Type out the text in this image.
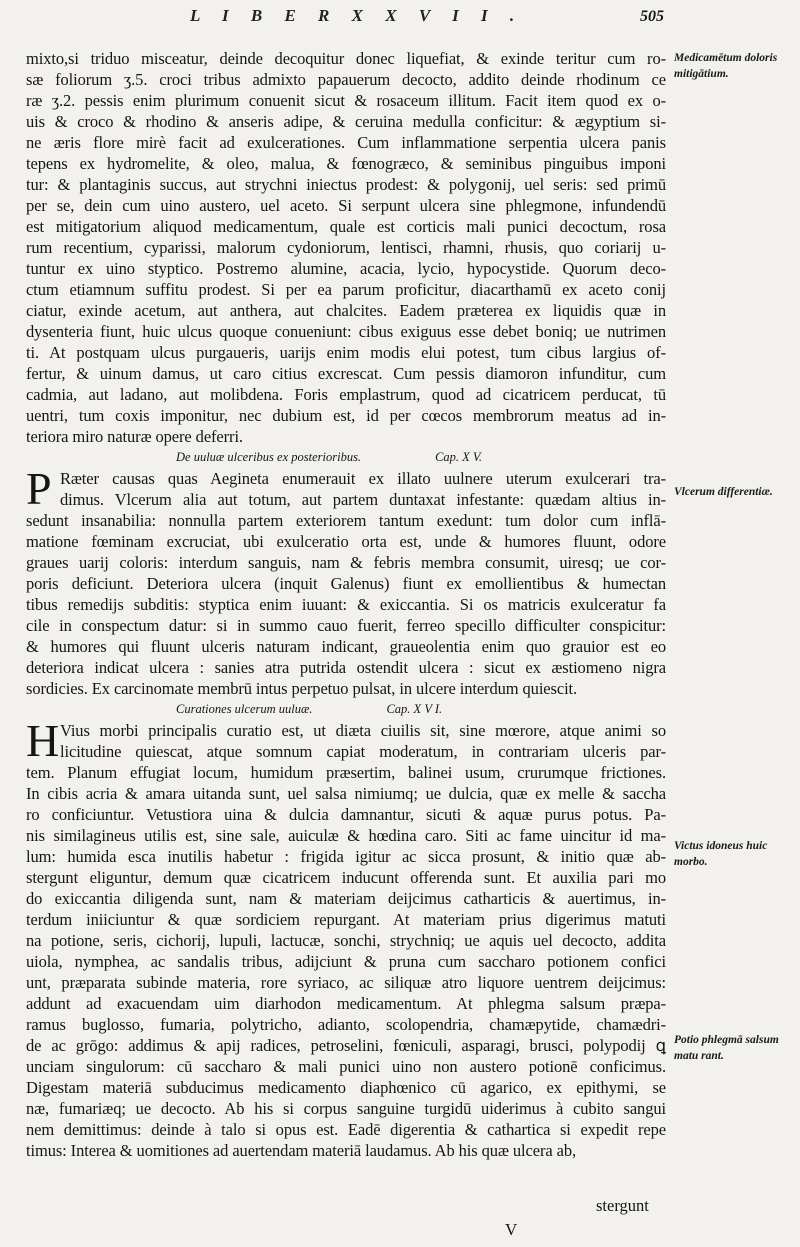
L I B E R X X V I I .	505
mixto,si triduo misceatur, deinde decoquitur donec liquefiat, & exinde teritur cum ro-
sæ foliorum ʒ.5. croci tribus admixto papauerum decocto, addito deinde rhodinum ce
ræ ʒ.2. pessis enim plurimum conuenit sicut & rosaceum illitum. Facit item quod ex o-
uis & croco & rhodino & anseris adipe, & ceruina medulla conficitur: & ægyptium si-
ne æris flore mirè facit ad exulcerationes. Cum inflammatione serpentia ulcera panis
tepens ex hydromelite, & oleo, malua, & fœnogræco, & seminibus pinguibus imponi
tur: & plantaginis succus, aut strychni iniectus prodest: & polygonij, uel seris: sed primū
per se, dein cum uino austero, uel aceto. Si serpunt ulcera sine phlegmone, infundendū
est mitigatorium aliquod medicamentum, quale est corticis mali punici decoctum, rosa
rum recentium, cyparissi, malorum cydoniorum, lentisci, rhamni, rhusis, quo coriarij u-
tuntur ex uino styptico. Postremo alumine, acacia, lycio, hypocystide. Quorum deco-
ctum etiamnum suffitu prodest. Si per ea parum proficitur, diacarthamū ex aceto conij
ciatur, exinde acetum, aut anthera, aut chalcites. Eadem præterea ex liquidis quæ in
dysenteria fiunt, huic ulcus quoque conueniunt: cibus exiguus esse debet boniq; ue nutrimen
ti. At postquam ulcus purgaueris, uarijs enim modis elui potest, tum cibus largius of-
fertur, & uinum damus, ut caro citius excrescat. Cum pessis diamoron infunditur, cum
cadmia, aut ladano, aut molibdena. Foris emplastrum, quod ad cicatricem perducat, tū
uentri, tum coxis imponitur, nec dubium est, id per cœcos membrorum meatus ad in-
teriora miro naturæ opere deferri.
De uuluæ ulceribus ex posterioribus.	Cap. X V.
Ræter causas quas Aegineta enumerauit ex illato uulnere uterum exulcerari tra-
P dimus. Vlcerum alia aut totum, aut partem duntaxat infestante: quædam altius in-
sedunt insanabilia: nonnulla partem exteriorem tantum exedunt: tum dolor cum inflā-
matione fœminam excruciat, ubi exulceratio orta est, unde & humores fluunt, odore
graues uarij coloris: interdum sanguis, nam & febris membra consumit, uiresq; ue cor-
poris deficiunt. Deteriora ulcera (inquit Galenus) fiunt ex emollientibus & humectan
tibus remedijs subditis: styptica enim iuuant: & exiccantia. Si os matricis exulceratur fa
cile in conspectum datur: si in summo cauo fuerit, ferreo specillo difficulter conspicitur:
& humores qui fluunt ulceris naturam indicant, graueolentia enim quo grauior est eo
deteriora indicat ulcera : sanies atra putrida ostendit ulcera : sicut ex æstiomeno nigra
sordicies. Ex carcinomate membrū intus perpetuo pulsat, in ulcere interdum quiescit.
Curationes ulcerum uuluæ.	Cap. X V I.
Vius morbi principalis curatio est, ut diæta ciuilis sit, sine mœrore, atque animi so
H licitudine quiescat, atque somnum capiat moderatum, in contrariam ulceris par-
tem. Planum effugiat locum, humidum præsertim, balinei usum, crurumque frictiones.
In cibis acria & amara uitanda sunt, uel salsa nimiumq; ue dulcia, quæ ex melle & saccha
ro conficiuntur. Vetustiora uina & dulcia damnantur, sicuti & aquæ purus potus. Pa-
nis similagineus utilis est, sine sale, auiculæ & hœdina caro. Siti ac fame uincitur id ma-
lum: humida esca inutilis habetur : frigida igitur ac sicca prosunt, & initio quæ ab-
stergunt eliguntur, demum quæ cicatricem inducunt offerenda sunt. Et auxilia pari mo
do exiccantia diligenda sunt, nam & materiam deijcimus catharticis & auertimus, in-
terdum iniiciuntur & quæ sordiciem repurgant. At materiam prius digerimus matuti
na potione, seris, cichorij, lupuli, lactucæ, sonchi, strychniq; ue aquis uel decocto, addita
uiola, nymphea, ac sandalis tribus, adijciunt & pruna cum saccharo potionem confici
unt, præparata subinde materia, rore syriaco, ac siliquæ atro liquore uentrem deijcimus:
addunt ad exacuendam uim diarhodon medicamentum. At phlegma salsum præpa-
ramus buglosso, fumaria, polytricho, adianto, scolopendria, chamæpytide, chamædri-
de ac grōgo: addimus & apij radices, petroselini, fœniculi, asparagi, brusci, polypodij ꝗ
unciam singulorum: cū saccharo & mali punici uino non austero potionē conficimus.
Digestam materiā subducimus medicamento diaphœnico cū agarico, ex epithymi, se
næ, fumariæq; ue decocto. Ab his si corpus sanguine turgidū uiderimus à cubito sangui
nem demittimus: deinde à talo si opus est. Eadē digerentia & cathartica si expedit repe
timus: Interea & uomitiones ad auertendam materiā laudamus. Ab his quæ ulcera ab,
Medicamētum doloris mitigātium.
Vlcerum differentiæ.
Victus idoneus huic morbo.
Potio phlegmā salsum matu rant.
stergunt
V
